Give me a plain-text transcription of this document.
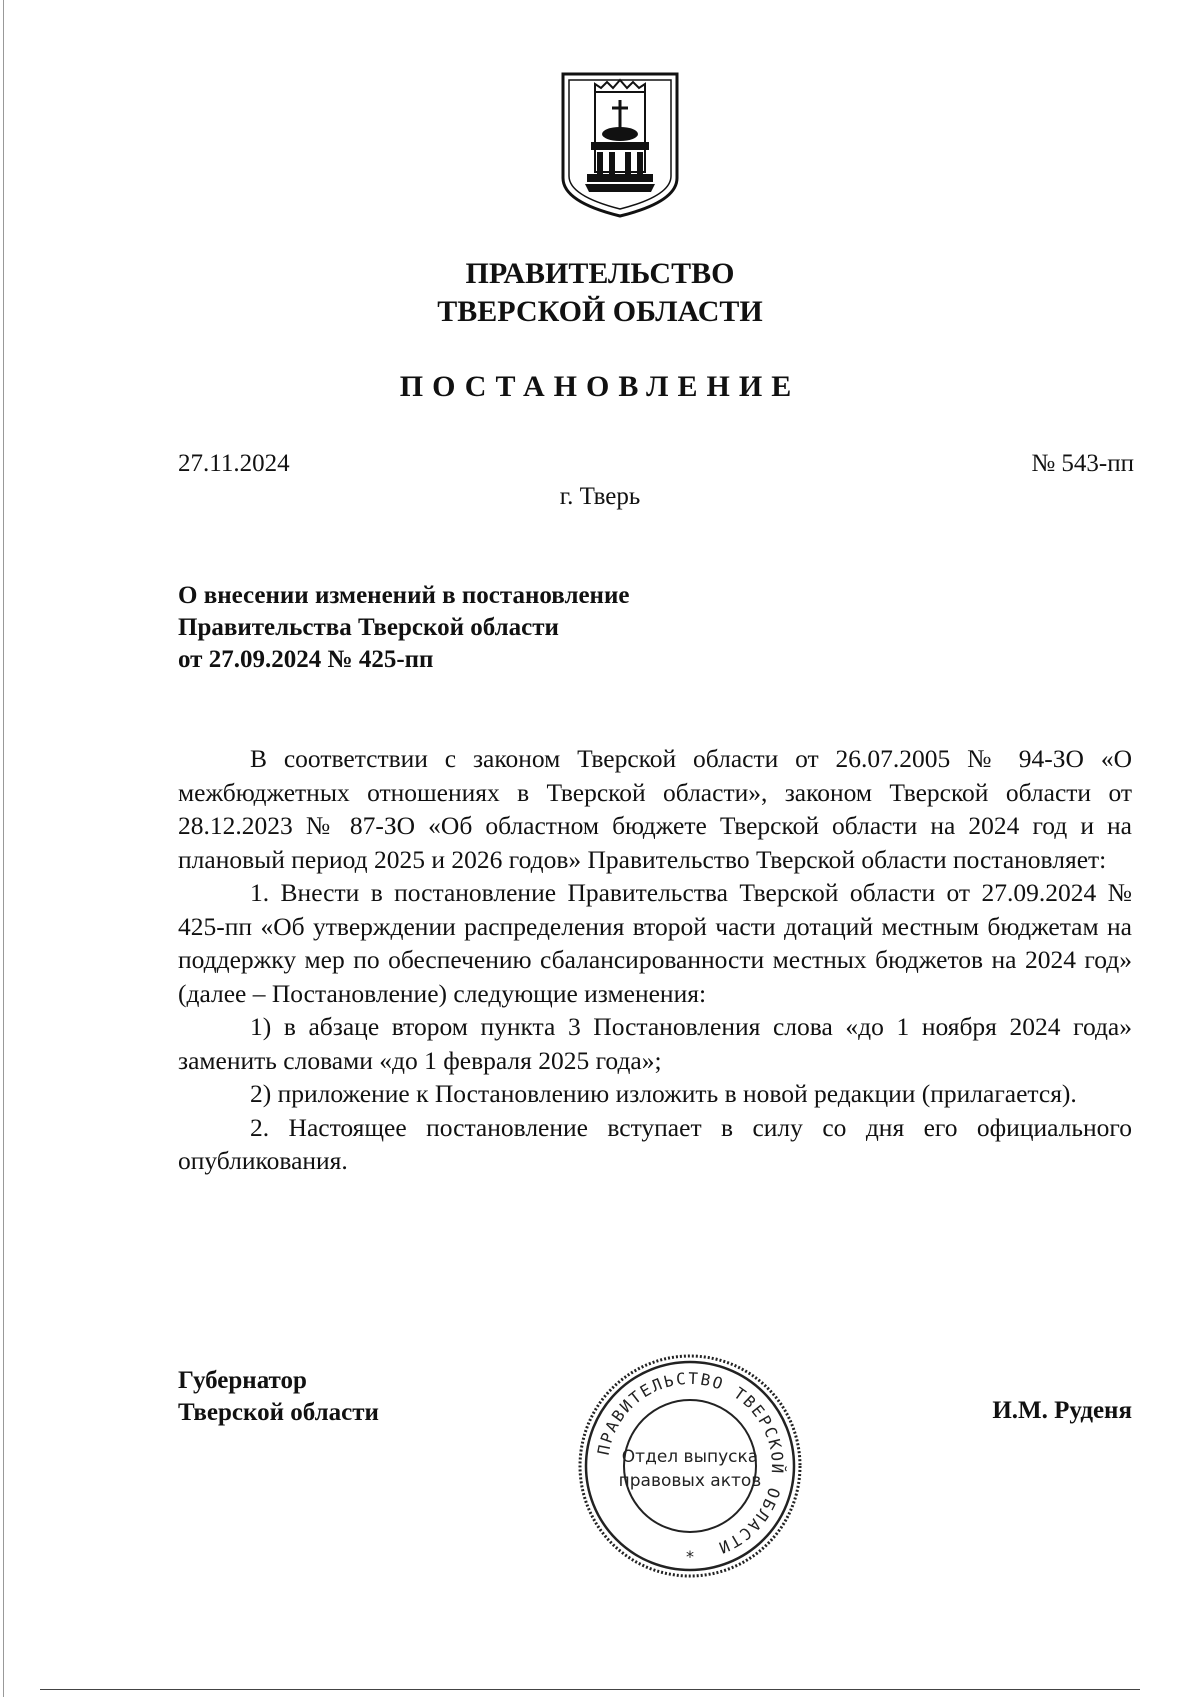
ПРАВИТЕЛЬСТВО
ТВЕРСКОЙ ОБЛАСТИ
ПОСТАНОВЛЕНИЕ
27.11.2024	№ 543-пп
г. Тверь
О внесении изменений в постановление
Правительства Тверской области
от 27.09.2024 № 425-пп

В соответствии с законом Тверской области от 26.07.2005 № 94-ЗО «О межбюджетных отношениях в Тверской области», законом Тверской области от 28.12.2023 № 87-ЗО «Об областном бюджете Тверской области на 2024 год и на плановый период 2025 и 2026 годов» Правительство Тверской области постановляет:

1. Внести в постановление Правительства Тверской области от 27.09.2024 № 425-пп «Об утверждении распределения второй части дотаций местным бюджетам на поддержку мер по обеспечению сбалансированности местных бюджетов на 2024 год» (далее – Постановление) следующие изменения:

1) в абзаце втором пункта 3 Постановления слова «до 1 ноября 2024 года» заменить словами «до 1 февраля 2025 года»;

2) приложение к Постановлению изложить в новой редакции (прилагается).

2. Настоящее постановление вступает в силу со дня его официального опубликования.

Губернатор
Тверской области	И.М. Руденя
ПРАВИТЕЛЬСТВО ТВЕРСКОЙ ОБЛАСТИ
Отдел выпуска
правовых актов
*
